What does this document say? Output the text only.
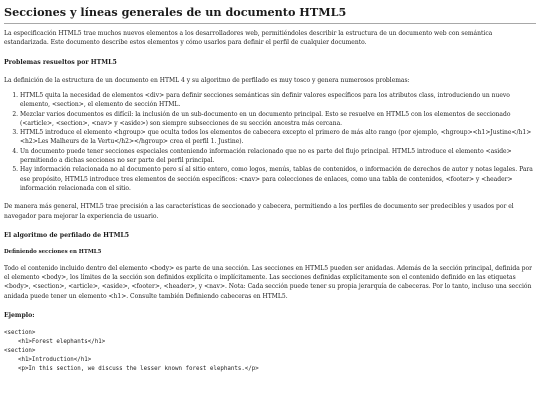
Secciones y líneas generales de un documento HTML5

La especificación HTML5 trae muchos nuevos elementos a los desarrolladores web, permitiéndoles describir la estructura de un documento web con semántica estandarizada. Este documento describe estos elementos y cómo usarlos para definir el perfil de cualquier documento.

Problemas resueltos por HTML5

La definición de la estructura de un documento en HTML 4 y su algoritmo de perfilado es muy tosco y genera numerosos problemas:

1. HTML5 quita la necesidad de elementos <div> para definir secciones semánticas sin definir valores específicos para los atributos class, introduciendo un nuevo elemento, <section>, el elemento de sección HTML.
2. Mezclar varios documentos es difícil: la inclusión de un sub-documento en un documento principal. Esto se resuelve en HTML5 con los elementos de seccionado (<article>, <section>, <nav> y <aside>) son siempre subsecciones de su sección ancestra más cercana.
3. HTML5 introduce el elemento <hgroup> que oculta todos los elementos de cabecera excepto el primero de más alto rango (por ejemplo, <hgroup><h1>Justine</h1><h2>Les Malheurs de la Vertu</h2></hgroup> crea el perfil 1. Justine).
4. Un documento puede tener secciones especiales conteniendo información relacionado que no es parte del flujo principal. HTML5 introduce el elemento <aside> permitiendo a dichas secciones no ser parte del perfil principal.
5. Hay información relacionada no al documento pero sí al sitio entero, como logos, menús, tablas de contenidos, o información de derechos de autor y notas legales. Para ese propósito, HTML5 introduce tres elementos de sección específicos: <nav> para colecciones de enlaces, como una tabla de contenidos, <footer> y <header> información relacionada con el sitio.

De manera más general, HTML5 trae precisión a las características de seccionado y cabecera, permitiendo a los perfiles de documento ser predecibles y usados por el navegador para mejorar la experiencia de usuario.

El algoritmo de perfilado de HTML5
Definiendo secciones en HTML5

Todo el contenido incluido dentro del elemento <body> es parte de una sección. Las secciones en HTML5 pueden ser anidadas. Además de la sección principal, definida por el elemento <body>, los límites de la sección son definidos explícita o implícitamente. Las secciones definidas explícitamente son el contenido definido en las etiquetas <body>, <section>, <article>, <aside>, <footer>, <header>, y <nav>. Nota: Cada sección puede tener su propia jerarquía de cabeceras. Por lo tanto, incluso una sección anidada puede tener un elemento <h1>. Consulte también Definiendo cabeceras en HTML5.

Ejemplo:
<section>
<h1>Forest elephants</h1>
<section>
<h1>Introduction</h1>
<p>In this section, we discuss the lesser known forest elephants.</p>
